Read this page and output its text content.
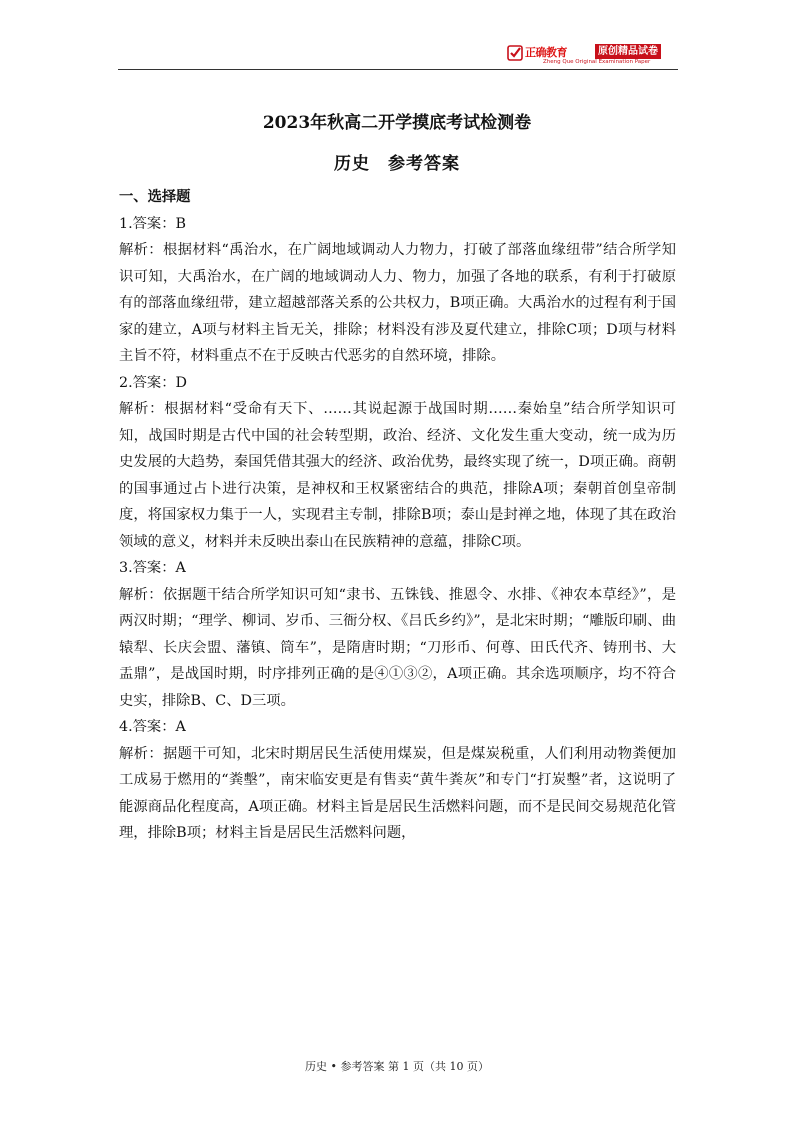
正确教育	原创精品试卷
Zheng Que Original Examination Paper
2023年秋高二开学摸底考试检测卷
历史　参考答案

一、选择题

1.答案：B

解析：根据材料“禹治水，在广阔地域调动人力物力，打破了部落血缘纽带”结合所学知识可知，大禹治水，在广阔的地域调动人力、物力，加强了各地的联系，有利于打破原有的部落血缘纽带，建立超越部落关系的公共权力，B项正确。大禹治水的过程有利于国家的建立，A项与材料主旨无关，排除；材料没有涉及夏代建立，排除C项；D项与材料主旨不符，材料重点不在于反映古代恶劣的自然环境，排除。

2.答案：D

解析：根据材料“受命有天下、……其说起源于战国时期……秦始皇”结合所学知识可知，战国时期是古代中国的社会转型期，政治、经济、文化发生重大变动，统一成为历史发展的大趋势，秦国凭借其强大的经济、政治优势，最终实现了统一，D项正确。商朝的国事通过占卜进行决策，是神权和王权紧密结合的典范，排除A项；秦朝首创皇帝制度，将国家权力集于一人，实现君主专制，排除B项；泰山是封禅之地，体现了其在政治领域的意义，材料并未反映出泰山在民族精神的意蕴，排除C项。

3.答案：A

解析：依据题干结合所学知识可知“隶书、五铢钱、推恩令、水排、《神农本草经》”，是两汉时期；“理学、柳词、岁币、三衙分权、《吕氏乡约》”，是北宋时期；“雕版印刷、曲辕犁、长庆会盟、藩镇、筒车”，是隋唐时期；“刀形币、何尊、田氏代齐、铸刑书、大盂鼎”，是战国时期，时序排列正确的是④①③②，A项正确。其余选项顺序，均不符合史实，排除B、C、D三项。

4.答案：A

解析：据题干可知，北宋时期居民生活使用煤炭，但是煤炭税重，人们利用动物粪便加工成易于燃用的“粪墼”，南宋临安更是有售卖“黄牛粪灰”和专门“打炭墼”者，这说明了能源商品化程度高，A项正确。材料主旨是居民生活燃料问题，而不是民间交易规范化管理，排除B项；材料主旨是居民生活燃料问题，

历史 • 参考答案 第 1 页（共 10 页）
